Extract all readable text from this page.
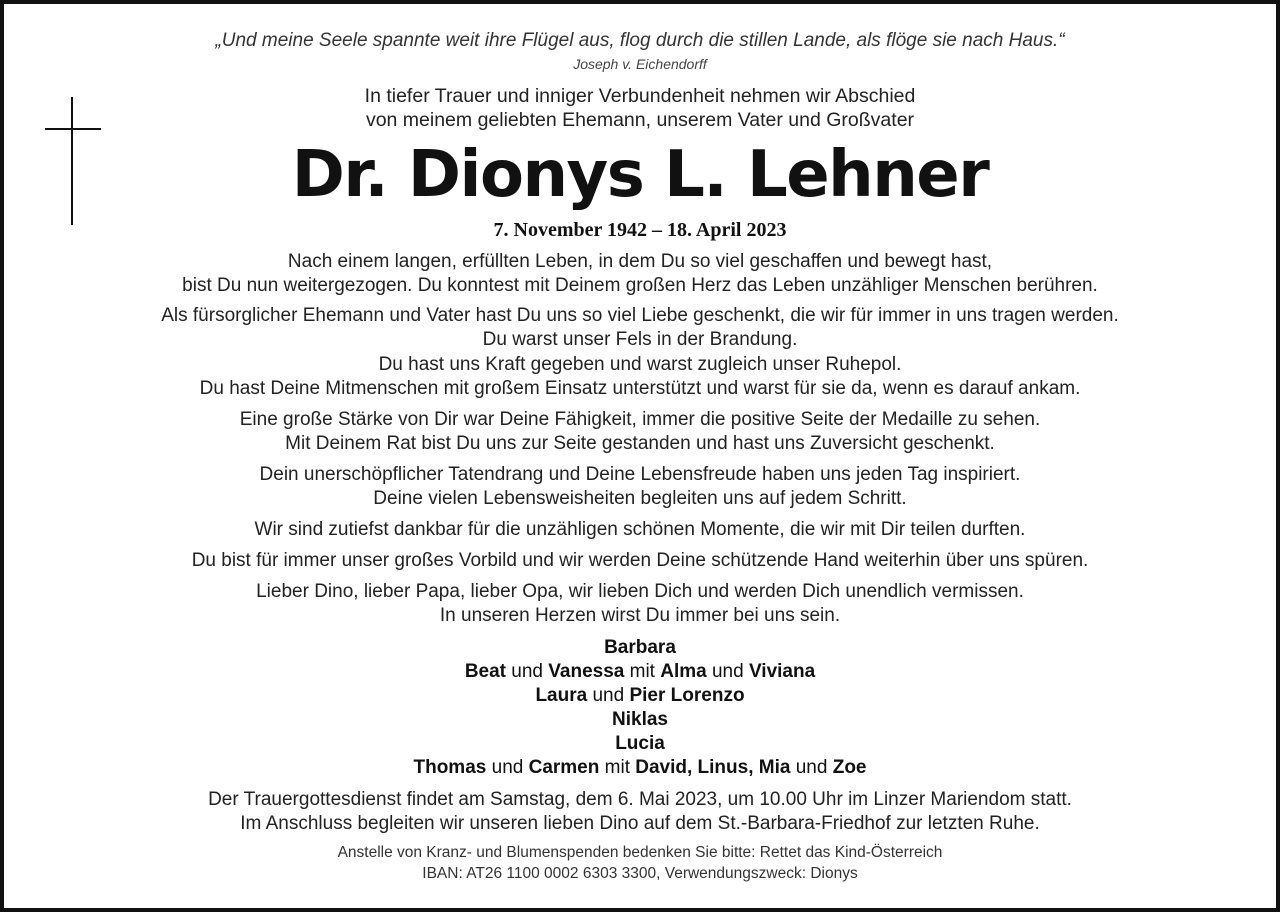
„Und meine Seele spannte weit ihre Flügel aus, flog durch die stillen Lande, als flöge sie nach Haus.“
Joseph v. Eichendorff
In tiefer Trauer und inniger Verbundenheit nehmen wir Abschied
von meinem geliebten Ehemann, unserem Vater und Großvater
Dr. Dionys L. Lehner
7. November 1942 – 18. April 2023
Nach einem langen, erfüllten Leben, in dem Du so viel geschaffen und bewegt hast,
bist Du nun weitergezogen. Du konntest mit Deinem großen Herz das Leben unzähliger Menschen berühren.
Als fürsorglicher Ehemann und Vater hast Du uns so viel Liebe geschenkt, die wir für immer in uns tragen werden.
Du warst unser Fels in der Brandung.
Du hast uns Kraft gegeben und warst zugleich unser Ruhepol.
Du hast Deine Mitmenschen mit großem Einsatz unterstützt und warst für sie da, wenn es darauf ankam.
Eine große Stärke von Dir war Deine Fähigkeit, immer die positive Seite der Medaille zu sehen.
Mit Deinem Rat bist Du uns zur Seite gestanden und hast uns Zuversicht geschenkt.
Dein unerschöpflicher Tatendrang und Deine Lebensfreude haben uns jeden Tag inspiriert.
Deine vielen Lebensweisheiten begleiten uns auf jedem Schritt.
Wir sind zutiefst dankbar für die unzähligen schönen Momente, die wir mit Dir teilen durften.
Du bist für immer unser großes Vorbild und wir werden Deine schützende Hand weiterhin über uns spüren.
Lieber Dino, lieber Papa, lieber Opa, wir lieben Dich und werden Dich unendlich vermissen.
In unseren Herzen wirst Du immer bei uns sein.
Barbara
Beat und Vanessa mit Alma und Viviana
Laura und Pier Lorenzo
Niklas
Lucia
Thomas und Carmen mit David, Linus, Mia und Zoe
Der Trauergottesdienst findet am Samstag, dem 6. Mai 2023, um 10.00 Uhr im Linzer Mariendom statt.
Im Anschluss begleiten wir unseren lieben Dino auf dem St.-Barbara-Friedhof zur letzten Ruhe.
Anstelle von Kranz- und Blumenspenden bedenken Sie bitte: Rettet das Kind-Österreich
IBAN: AT26 1100 0002 6303 3300, Verwendungszweck: Dionys
